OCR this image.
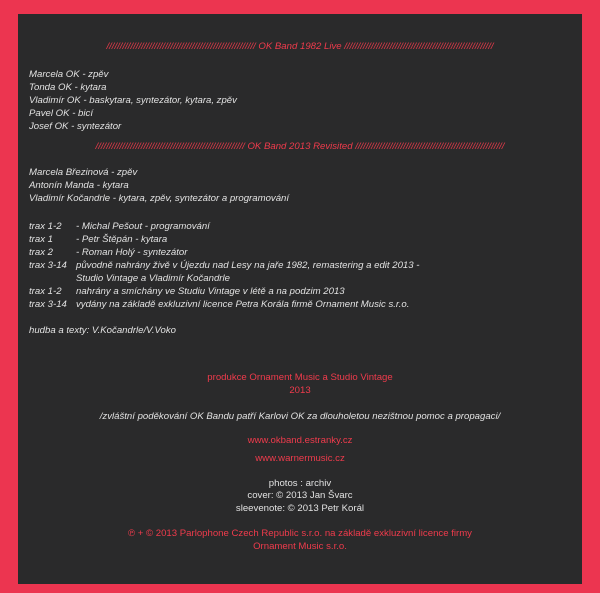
//////////////////////////////////////////////////////// OK Band 1982 Live ////////////////////////////////////////////////////////
Marcela OK - zpěv
Tonda OK - kytara
Vladimír OK - baskytara, syntezátor, kytara, zpěv
Pavel OK - bicí
Josef OK - syntezátor
//////////////////////////////////////////////////////// OK Band 2013 Revisited ////////////////////////////////////////////////////////
Marcela Březinová - zpěv
Antonín Manda - kytara
Vladimír Kočandrle - kytara, zpěv, syntezátor a programování
trax 1-2 - Michal Pešout - programování
trax 1 - Petr Štěpán - kytara
trax 2 - Roman Holý - syntezátor
trax 3-14 původně nahrány živě v Újezdu nad Lesy na jaře 1982, remastering a edit 2013 -
Studio Vintage a Vladimír Kočandrle
trax 1-2 nahrány a smíchány ve Studiu Vintage v létě a na podzim 2013
trax 3-14 vydány na základě exkluzivní licence Petra Korála firmě Ornament Music s.r.o.
hudba a texty: V.Kočandrle/V.Voko
produkce Ornament Music a Studio Vintage
2013
/zvláštní poděkování OK Bandu patří Karlovi OK za dlouholetou nezištnou pomoc a propagaci/
www.okband.estranky.cz
www.warnermusic.cz
photos : archiv
cover: © 2013 Jan Švarc
sleevenote: © 2013 Petr Korál
℗ + © 2013 Parlophone Czech Republic s.r.o. na základě exkluzivní licence firmy
Ornament Music s.r.o.
